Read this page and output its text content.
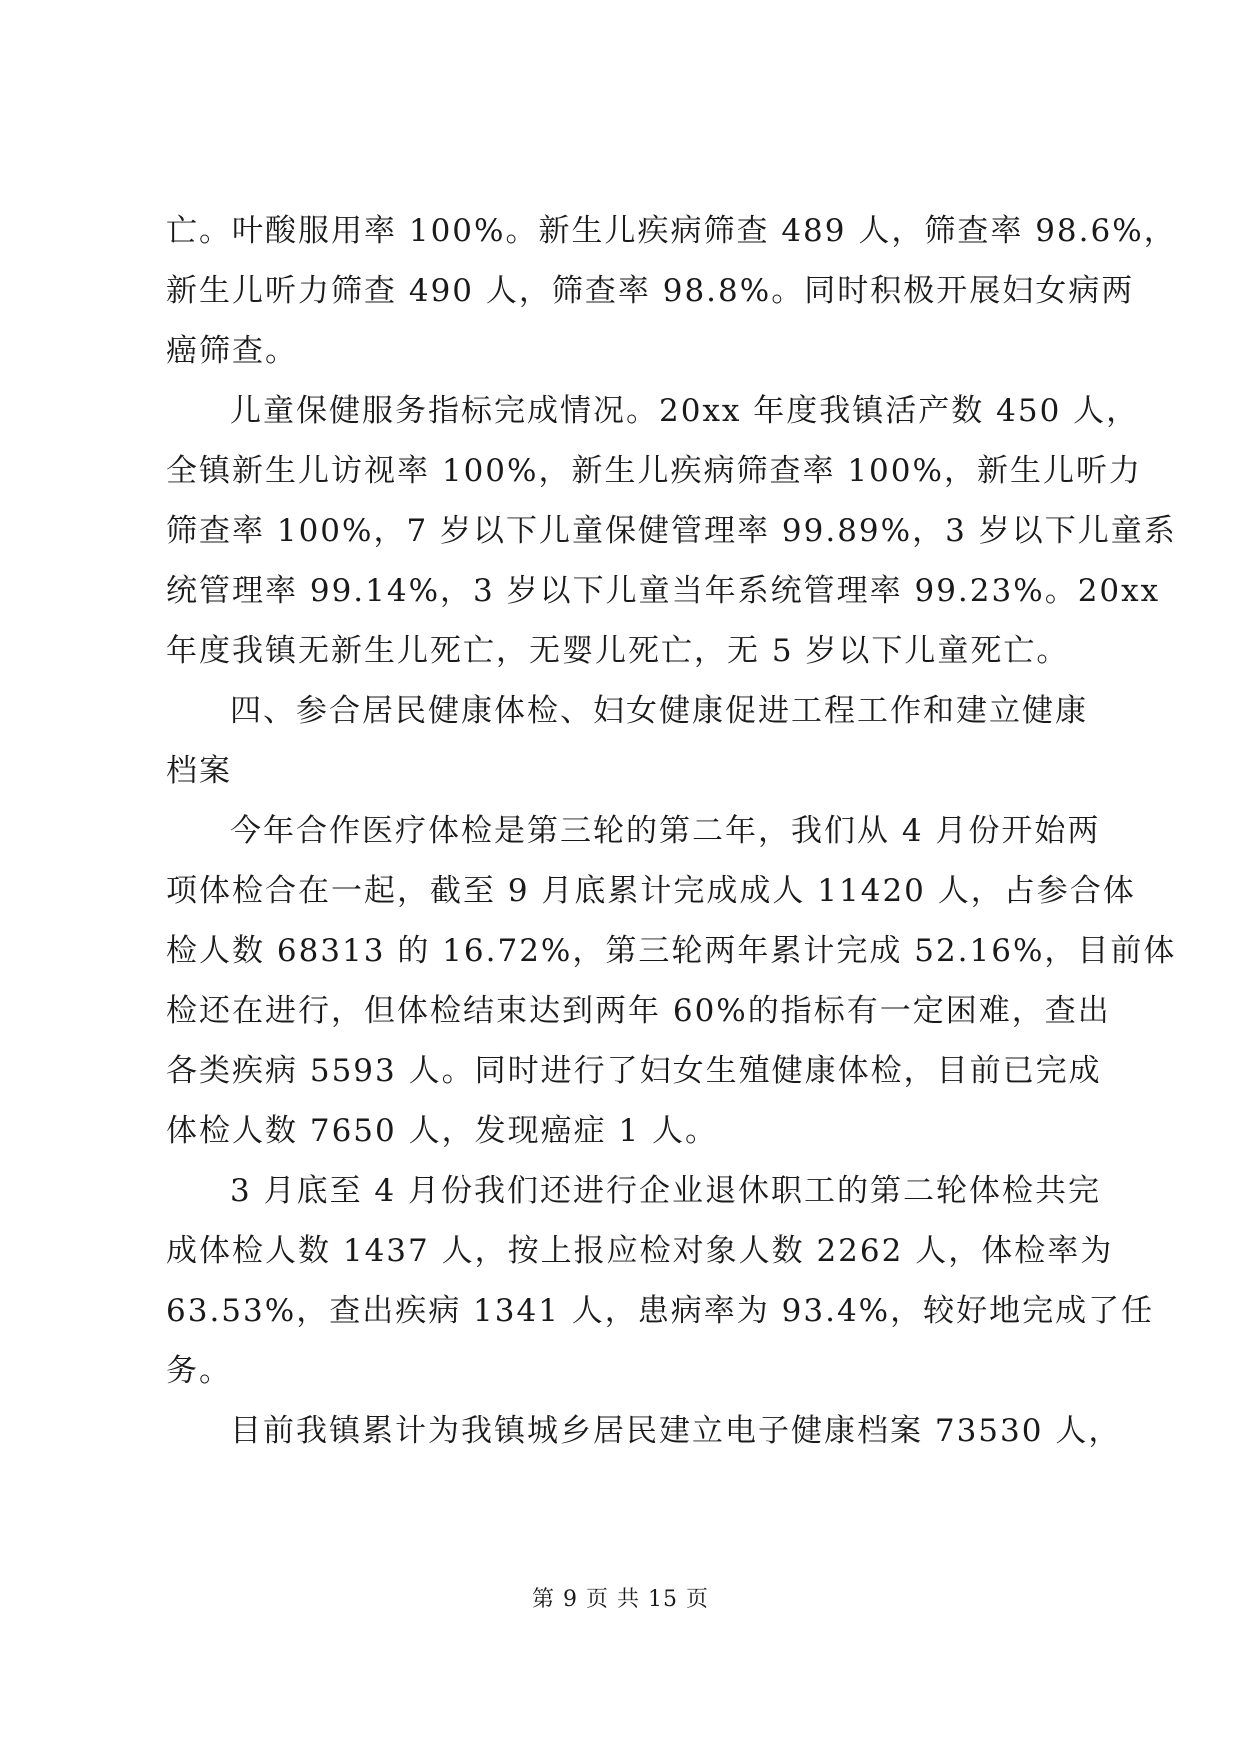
亡。叶酸服用率 100%。新生儿疾病筛查 489 人，筛查率 98.6%，
新生儿听力筛查 490 人，筛查率 98.8%。同时积极开展妇女病两
癌筛查。
儿童保健服务指标完成情况。20xx 年度我镇活产数 450 人，
全镇新生儿访视率 100%，新生儿疾病筛查率 100%，新生儿听力
筛查率 100%，7 岁以下儿童保健管理率 99.89%，3 岁以下儿童系
统管理率 99.14%，3 岁以下儿童当年系统管理率 99.23%。20xx
年度我镇无新生儿死亡，无婴儿死亡，无 5 岁以下儿童死亡。
四、参合居民健康体检、妇女健康促进工程工作和建立健康
档案
今年合作医疗体检是第三轮的第二年，我们从 4 月份开始两
项体检合在一起，截至 9 月底累计完成成人 11420 人，占参合体
检人数 68313 的 16.72%，第三轮两年累计完成 52.16%，目前体
检还在进行，但体检结束达到两年 60%的指标有一定困难，查出
各类疾病 5593 人。同时进行了妇女生殖健康体检，目前已完成
体检人数 7650 人，发现癌症 1 人。
3 月底至 4 月份我们还进行企业退休职工的第二轮体检共完
成体检人数 1437 人，按上报应检对象人数 2262 人，体检率为
63.53%，查出疾病 1341 人，患病率为 93.4%，较好地完成了任
务。
目前我镇累计为我镇城乡居民建立电子健康档案 73530 人，
第 9 页 共 15 页
